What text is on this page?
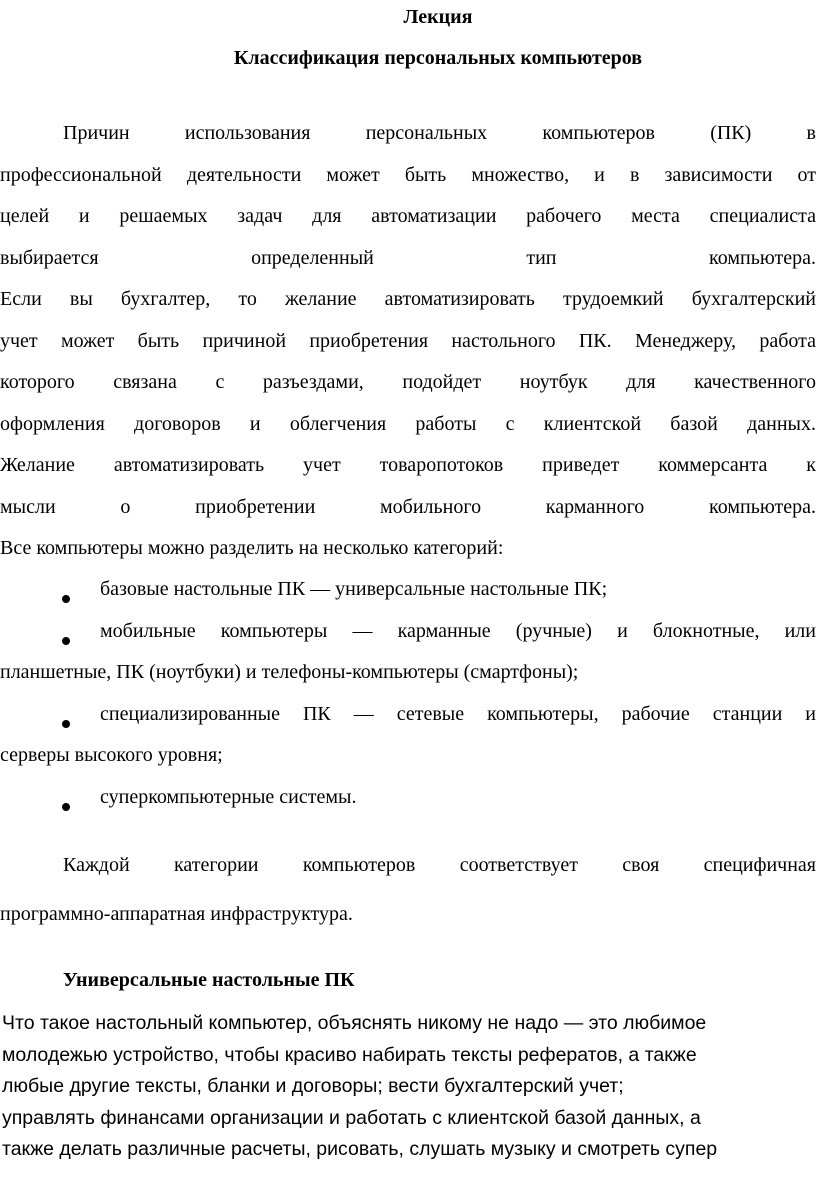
Лекция
Классификация персональных компьютеров
Причин использования персональных компьютеров (ПК) в
профессиональной деятельности может быть множество, и в зависимости от
целей и решаемых задач для автоматизации рабочего места специалиста
выбирается определенный тип компьютера.
Если вы бухгалтер, то желание автоматизировать трудоемкий бухгалтерский
учет может быть причиной приобретения настольного ПК. Менеджеру, работа
которого связана с разъездами, подойдет ноутбук для качественного
оформления договоров и облегчения работы с клиентской базой данных.
Желание автоматизировать учет товаропотоков приведет коммерсанта к
мысли о приобретении мобильного карманного компьютера.
Все компьютеры можно разделить на несколько категорий:
базовые настольные ПК — универсальные настольные ПК;
мобильные компьютеры — карманные (ручные) и блокнотные, или
планшетные, ПК (ноутбуки) и телефоны-компьютеры (смартфоны);
специализированные ПК — сетевые компьютеры, рабочие станции и
серверы высокого уровня;
суперкомпьютерные системы.
Каждой категории компьютеров соответствует своя специфичная
программно-аппаратная инфраструктура.
Универсальные настольные ПК
Что такое настольный компьютер, объяснять никому не надо — это любимое
молодежью устройство, чтобы красиво набирать тексты рефератов, а также
любые другие тексты, бланки и договоры; вести бухгалтерский учет;
управлять финансами организации и работать с клиентской базой данных, а
также делать различные расчеты, рисовать, слушать музыку и смотреть супер
